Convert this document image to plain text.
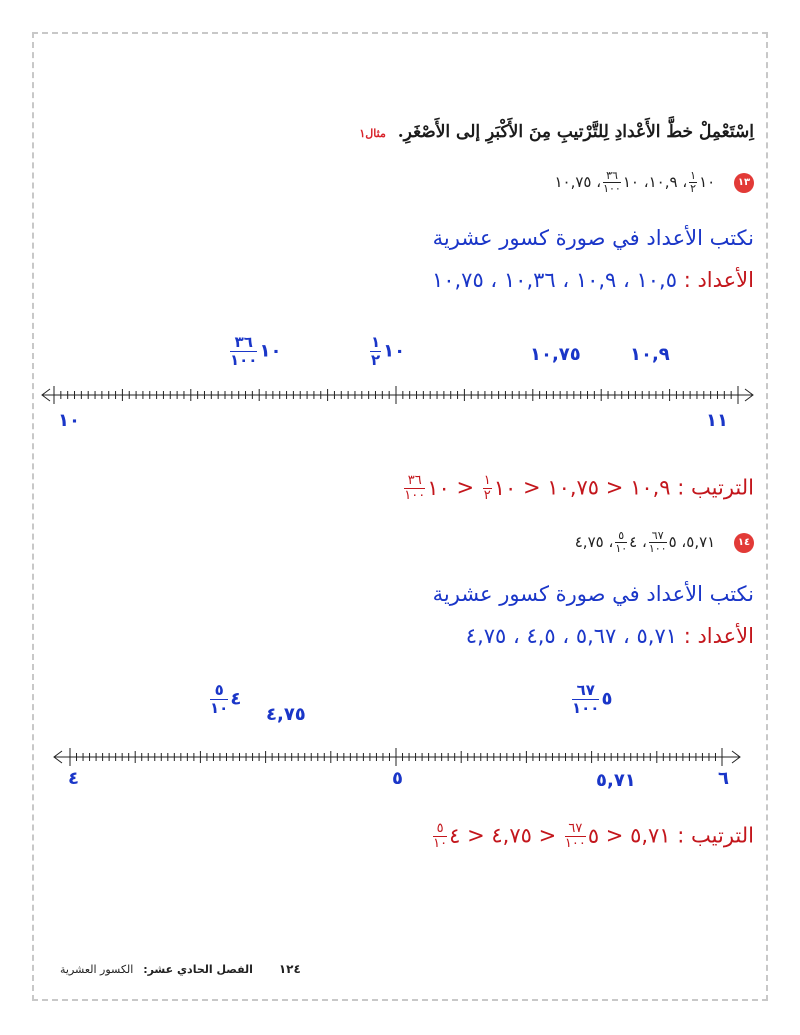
اِسْتَعْمِلْ خطَّ الأَعْدادِ لِلتَّرْتيبِ مِنَ الأَكْبَرِ إلى الأَصْغَرِ. مثال١
١٣ ١٠
$\frac{١}{٢}$
، ١٠,٩، ١٠
$\frac{٣٦}{١٠٠}$
، ١٠,٧٥
نكتب الأعداد في صورة كسور عشرية
الأعداد : ١٠,٥ ، ١٠,٩ ، ١٠,٣٦ ، ١٠,٧٥
١٠
$\frac{٣٦}{١٠٠}$	١٠
$\frac{١}{٢}$	١٠,٧٥	١٠,٩
١٠	١١
الترتيب : ١٠,٩ < ١٠,٧٥ < ١٠
$\frac{١}{٢}$
< ١٠
$\frac{٣٦}{١٠٠}$
١٤ ٥,٧١، ٥
$\frac{٦٧}{١٠٠}$
، ٤
$\frac{٥}{١٠}$
، ٤,٧٥
نكتب الأعداد في صورة كسور عشرية
الأعداد : ٥,٧١ ، ٥,٦٧ ، ٤,٥ ، ٤,٧٥
٤
$\frac{٥}{١٠}$ ٤,٧٥
٥
$\frac{٦٧}{١٠٠}$
٤	٥	٥,٧١	٦
الترتيب : ٥,٧١ < ٥
$\frac{٦٧}{١٠٠}$
< ٤,٧٥ < ٤
$\frac{٥}{١٠}$
١٢٤ الفصل الحادي عشر: الكسور العشرية
